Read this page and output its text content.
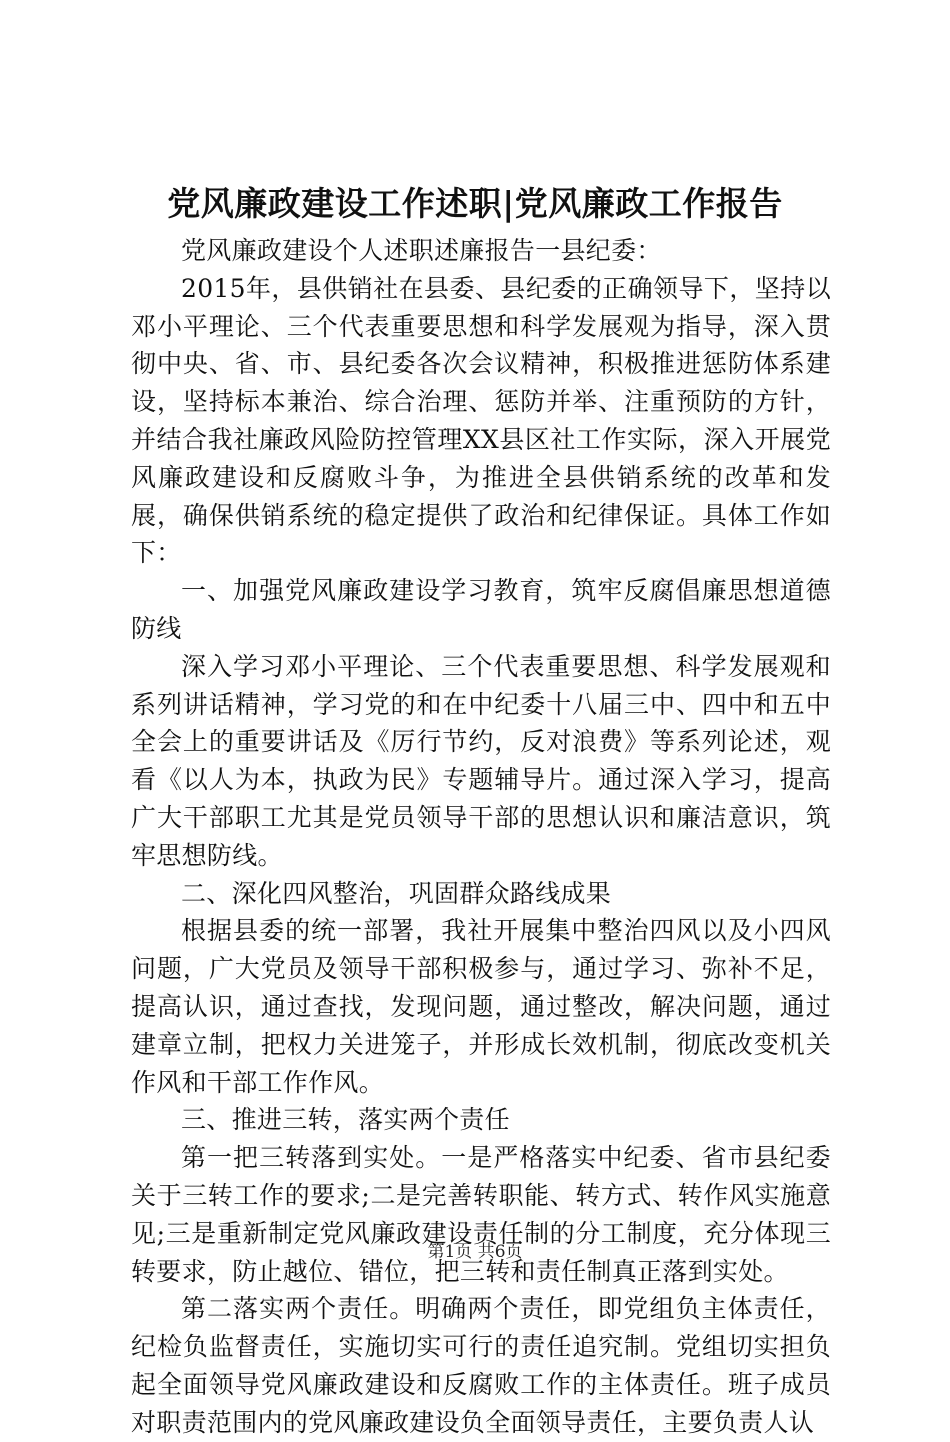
党风廉政建设工作述职|党风廉政工作报告

党风廉政建设个人述职述廉报告一县纪委：

2015年，县供销社在县委、县纪委的正确领导下，坚持以邓小平理论、三个代表重要思想和科学发展观为指导，深入贯彻中央、省、市、县纪委各次会议精神，积极推进惩防体系建设，坚持标本兼治、综合治理、惩防并举、注重预防的方针，并结合我社廉政风险防控管理XX县区社工作实际，深入开展党风廉政建设和反腐败斗争，为推进全县供销系统的改革和发展，确保供销系统的稳定提供了政治和纪律保证。具体工作如下：

一、加强党风廉政建设学习教育，筑牢反腐倡廉思想道德防线

深入学习邓小平理论、三个代表重要思想、科学发展观和系列讲话精神，学习党的和在中纪委十八届三中、四中和五中全会上的重要讲话及《厉行节约，反对浪费》等系列论述，观看《以人为本，执政为民》专题辅导片。通过深入学习，提高广大干部职工尤其是党员领导干部的思想认识和廉洁意识，筑牢思想防线。

二、深化四风整治，巩固群众路线成果

根据县委的统一部署，我社开展集中整治四风以及小四风问题，广大党员及领导干部积极参与，通过学习、弥补不足，提高认识，通过查找，发现问题，通过整改，解决问题，通过建章立制，把权力关进笼子，并形成长效机制，彻底改变机关作风和干部工作作风。

三、推进三转，落实两个责任

第一把三转落到实处。一是严格落实中纪委、省市县纪委关于三转工作的要求;二是完善转职能、转方式、转作风实施意见;三是重新制定党风廉政建设责任制的分工制度，充分体现三转要求，防止越位、错位，把三转和责任制真正落到实处。

第二落实两个责任。明确两个责任，即党组负主体责任，纪检负监督责任，实施切实可行的责任追究制。党组切实担负起全面领导党风廉政建设和反腐败工作的主体责任。班子成员对职责范围内的党风廉政建设负全面领导责任，主要负责人认

第1页 共6页
